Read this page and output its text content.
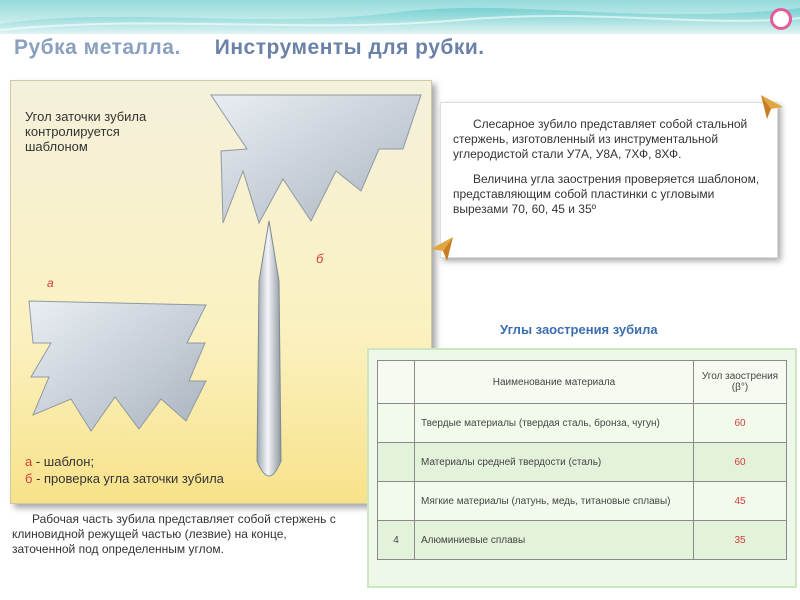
Рубка металла. Инструменты для рубки.
Угол заточки зубила
контролируется
шаблоном
б
а
а - шаблон;
б - проверка угла заточки зубила

Слесарное зубило представляет собой стальной стержень, изготовленный из инструментальной углеродистой стали У7А, У8А, 7ХФ, 8ХФ.

Величина угла заострения проверяется шаблоном, представляющим собой пластинки с угловыми вырезами 70, 60, 45 и 35º

Рабочая часть зубила представляет собой стержень с клиновидной режущей частью (лезвие) на конце, заточенной под определенным углом.
Углы заострения зубила
	Наименование материала	Угол заострения (β°)
	Твердые материалы (твердая сталь, бронза, чугун)	60
	Материалы средней твердости (сталь)	60
	Мягкие материалы (латунь, медь, титановые сплавы)	45
4	Алюминиевые сплавы	35
